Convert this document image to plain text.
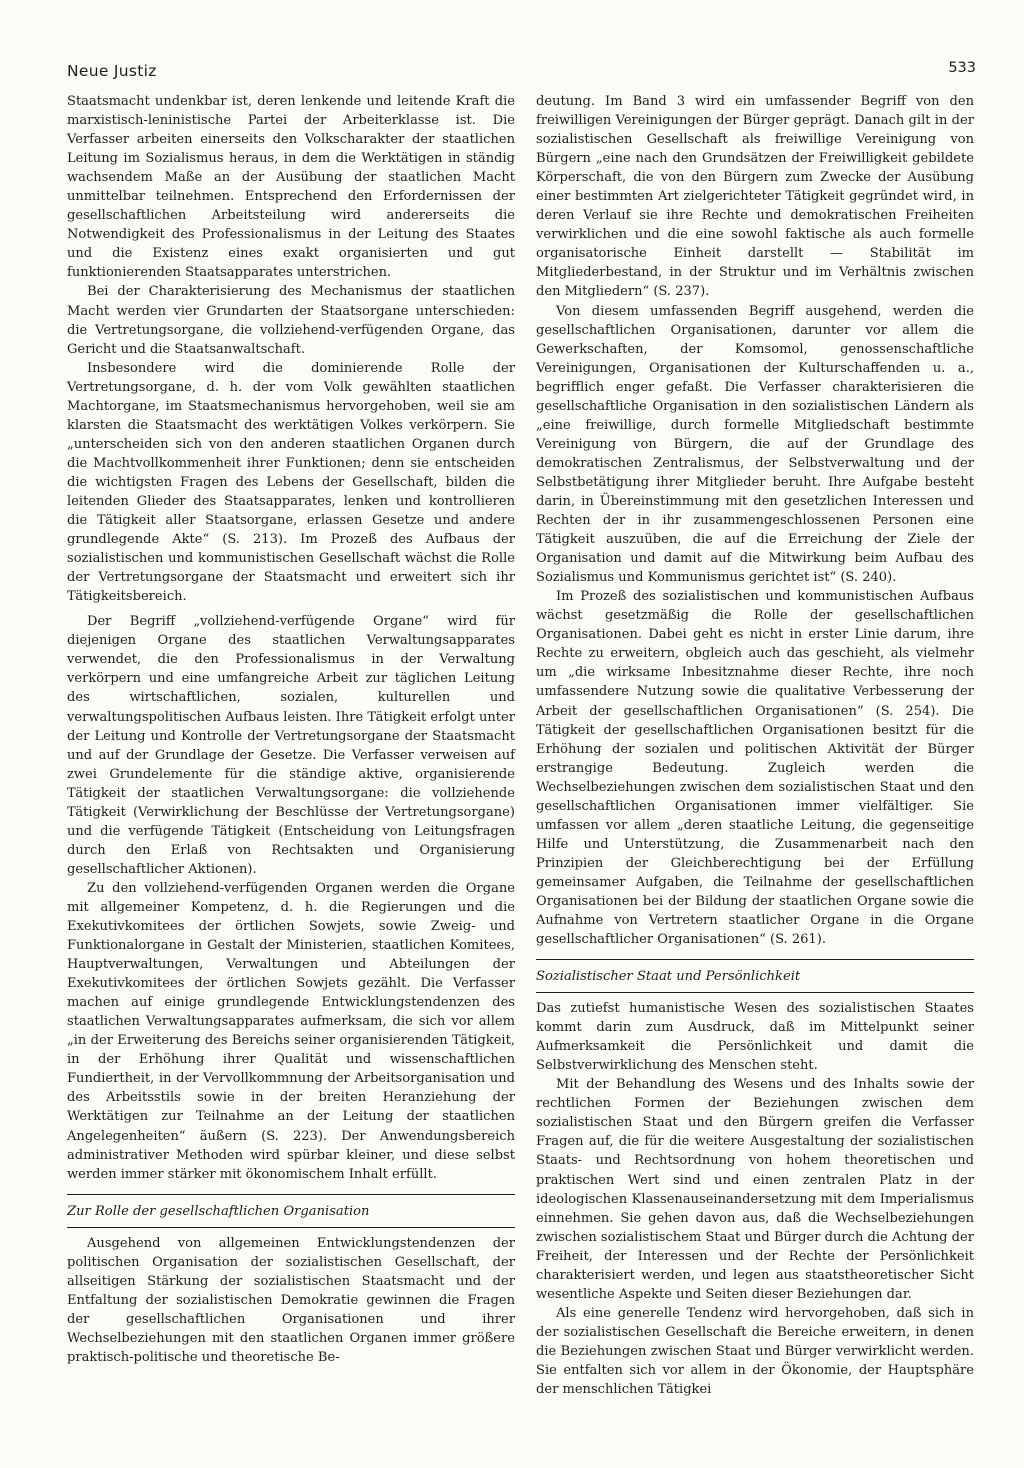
Neue Justiz	533

Staatsmacht undenkbar ist, deren lenkende und leitende Kraft die marxistisch-leninistische Partei der Arbeiterklasse ist. Die Verfasser arbeiten einerseits den Volkscharakter der staatlichen Leitung im Sozialismus heraus, in dem die Werktätigen in ständig wachsendem Maße an der Ausübung der staatlichen Macht unmittelbar teilnehmen. Entsprechend den Erfordernissen der gesellschaftlichen Arbeitsteilung wird andererseits die Notwendigkeit des Professionalismus in der Leitung des Staates und die Existenz eines exakt organisierten und gut funktionierenden Staatsapparates unterstrichen.

Bei der Charakterisierung des Mechanismus der staatlichen Macht werden vier Grundarten der Staatsorgane unterschieden: die Vertretungsorgane, die vollziehend-verfügenden Organe, das Gericht und die Staatsanwaltschaft.

Insbesondere wird die dominierende Rolle der Vertretungsorgane, d. h. der vom Volk gewählten staatlichen Machtorgane, im Staatsmechanismus hervorgehoben, weil sie am klarsten die Staatsmacht des werktätigen Volkes verkörpern. Sie „unterscheiden sich von den anderen staatlichen Organen durch die Machtvollkommenheit ihrer Funktionen; denn sie entscheiden die wichtigsten Fragen des Lebens der Gesellschaft, bilden die leitenden Glieder des Staatsapparates, lenken und kontrollieren die Tätigkeit aller Staatsorgane, erlassen Gesetze und andere grundlegende Akte“ (S. 213). Im Prozeß des Aufbaus der sozialistischen und kommunistischen Gesellschaft wächst die Rolle der Vertretungsorgane der Staatsmacht und erweitert sich ihr Tätigkeitsbereich.

Der Begriff „vollziehend-verfügende Organe“ wird für diejenigen Organe des staatlichen Verwaltungsapparates verwendet, die den Professionalismus in der Verwaltung verkörpern und eine umfangreiche Arbeit zur täglichen Leitung des wirtschaftlichen, sozialen, kulturellen und verwaltungspolitischen Aufbaus leisten. Ihre Tätigkeit erfolgt unter der Leitung und Kontrolle der Vertretungsorgane der Staatsmacht und auf der Grundlage der Gesetze. Die Verfasser verweisen auf zwei Grundelemente für die ständige aktive, organisierende Tätigkeit der staatlichen Verwaltungsorgane: die vollziehende Tätigkeit (Verwirklichung der Beschlüsse der Vertretungsorgane) und die verfügende Tätigkeit (Entscheidung von Leitungsfragen durch den Erlaß von Rechtsakten und Organisierung gesellschaftlicher Aktionen).

Zu den vollziehend-verfügenden Organen werden die Organe mit allgemeiner Kompetenz, d. h. die Regierungen und die Exekutivkomitees der örtlichen Sowjets, sowie Zweig- und Funktionalorgane in Gestalt der Ministerien, staatlichen Komitees, Hauptverwaltungen, Verwaltungen und Abteilungen der Exekutivkomitees der örtlichen Sowjets gezählt. Die Verfasser machen auf einige grundlegende Entwicklungstendenzen des staatlichen Verwaltungsapparates aufmerksam, die sich vor allem „in der Erweiterung des Bereichs seiner organisierenden Tätigkeit, in der Erhöhung ihrer Qualität und wissenschaftlichen Fundiertheit, in der Vervollkommnung der Arbeitsorganisation und des Arbeitsstils sowie in der breiten Heranziehung der Werktätigen zur Teilnahme an der Leitung der staatlichen Angelegenheiten“ äußern (S. 223). Der Anwendungsbereich administrativer Methoden wird spürbar kleiner, und diese selbst werden immer stärker mit ökonomischem Inhalt erfüllt.

Zur Rolle der gesellschaftlichen Organisation

Ausgehend von allgemeinen Entwicklungstendenzen der politischen Organisation der sozialistischen Gesellschaft, der allseitigen Stärkung der sozialistischen Staatsmacht und der Entfaltung der sozialistischen Demokratie gewinnen die Fragen der gesellschaftlichen Organisationen und ihrer Wechselbeziehungen mit den staatlichen Organen immer größere praktisch-politische und theoretische Be-

deutung. Im Band 3 wird ein umfassender Begriff von den freiwilligen Vereinigungen der Bürger geprägt. Danach gilt in der sozialistischen Gesellschaft als freiwillige Vereinigung von Bürgern „eine nach den Grundsätzen der Freiwilligkeit gebildete Körperschaft, die von den Bürgern zum Zwecke der Ausübung einer bestimmten Art zielgerichteter Tätigkeit gegründet wird, in deren Verlauf sie ihre Rechte und demokratischen Freiheiten verwirklichen und die eine sowohl faktische als auch formelle organisatorische Einheit darstellt — Stabilität im Mitgliederbestand, in der Struktur und im Verhältnis zwischen den Mitgliedern“ (S. 237).

Von diesem umfassenden Begriff ausgehend, werden die gesellschaftlichen Organisationen, darunter vor allem die Gewerkschaften, der Komsomol, genossenschaftliche Vereinigungen, Organisationen der Kulturschaffenden u. a., begrifflich enger gefaßt. Die Verfasser charakterisieren die gesellschaftliche Organisation in den sozialistischen Ländern als „eine freiwillige, durch formelle Mitgliedschaft bestimmte Vereinigung von Bürgern, die auf der Grundlage des demokratischen Zentralismus, der Selbstverwaltung und der Selbstbetätigung ihrer Mitglieder beruht. Ihre Aufgabe besteht darin, in Übereinstimmung mit den gesetzlichen Interessen und Rechten der in ihr zusammengeschlossenen Personen eine Tätigkeit auszuüben, die auf die Erreichung der Ziele der Organisation und damit auf die Mitwirkung beim Aufbau des Sozialismus und Kommunismus gerichtet ist“ (S. 240).

Im Prozeß des sozialistischen und kommunistischen Aufbaus wächst gesetzmäßig die Rolle der gesellschaftlichen Organisationen. Dabei geht es nicht in erster Linie darum, ihre Rechte zu erweitern, obgleich auch das geschieht, als vielmehr um „die wirksame Inbesitznahme dieser Rechte, ihre noch umfassendere Nutzung sowie die qualitative Verbesserung der Arbeit der gesellschaftlichen Organisationen“ (S. 254). Die Tätigkeit der gesellschaftlichen Organisationen besitzt für die Erhöhung der sozialen und politischen Aktivität der Bürger erstrangige Bedeutung. Zugleich werden die Wechselbeziehungen zwischen dem sozialistischen Staat und den gesellschaftlichen Organisationen immer vielfältiger. Sie umfassen vor allem „deren staatliche Leitung, die gegenseitige Hilfe und Unterstützung, die Zusammenarbeit nach den Prinzipien der Gleichberechtigung bei der Erfüllung gemeinsamer Aufgaben, die Teilnahme der gesellschaftlichen Organisationen bei der Bildung der staatlichen Organe sowie die Aufnahme von Vertretern staatlicher Organe in die Organe gesellschaftlicher Organisationen“ (S. 261).

Sozialistischer Staat und Persönlichkeit

Das zutiefst humanistische Wesen des sozialistischen Staates kommt darin zum Ausdruck, daß im Mittelpunkt seiner Aufmerksamkeit die Persönlichkeit und damit die Selbstverwirklichung des Menschen steht.

Mit der Behandlung des Wesens und des Inhalts sowie der rechtlichen Formen der Beziehungen zwischen dem sozialistischen Staat und den Bürgern greifen die Verfasser Fragen auf, die für die weitere Ausgestaltung der sozialistischen Staats- und Rechtsordnung von hohem theoretischen und praktischen Wert sind und einen zentralen Platz in der ideologischen Klassenauseinandersetzung mit dem Imperialismus einnehmen. Sie gehen davon aus, daß die Wechselbeziehungen zwischen sozialistischem Staat und Bürger durch die Achtung der Freiheit, der Interessen und der Rechte der Persönlichkeit charakterisiert werden, und legen aus staatstheoretischer Sicht wesentliche Aspekte und Seiten dieser Beziehungen dar.

Als eine generelle Tendenz wird hervorgehoben, daß sich in der sozialistischen Gesellschaft die Bereiche erweitern, in denen die Beziehungen zwischen Staat und Bürger verwirklicht werden. Sie entfalten sich vor allem in der Ökonomie, der Hauptsphäre der menschlichen Tätigkei
